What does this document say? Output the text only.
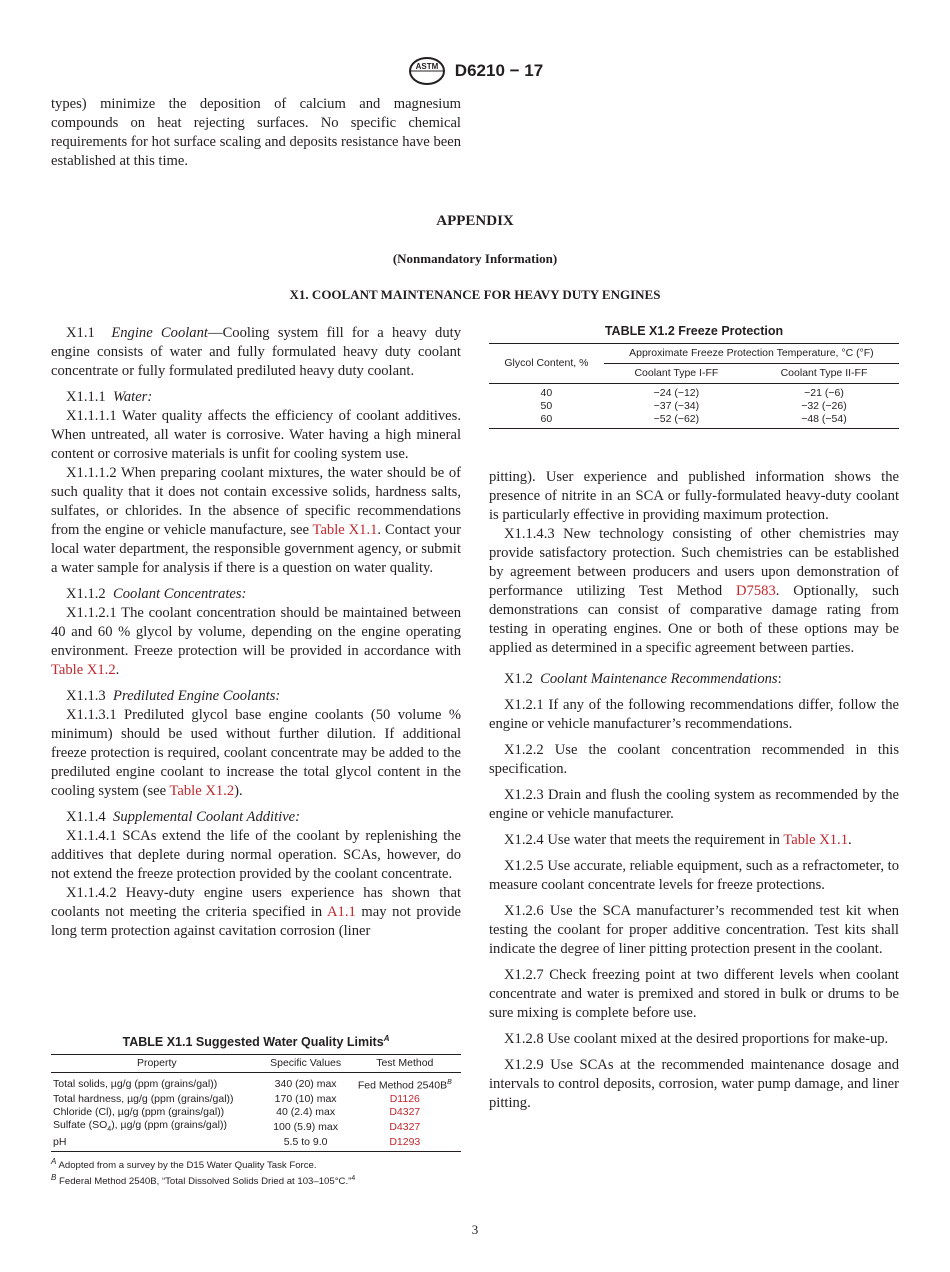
ASTM D6210 − 17
types) minimize the deposition of calcium and magnesium compounds on heat rejecting surfaces. No specific chemical requirements for hot surface scaling and deposits resistance have been established at this time.
APPENDIX
(Nonmandatory Information)
X1. COOLANT MAINTENANCE FOR HEAVY DUTY ENGINES

X1.1 Engine Coolant—Cooling system fill for a heavy duty engine consists of water and fully formulated heavy duty coolant concentrate or fully formulated prediluted heavy duty coolant.

X1.1.1 Water:

X1.1.1.1 Water quality affects the efficiency of coolant additives. When untreated, all water is corrosive. Water having a high mineral content or corrosive materials is unfit for cooling system use.

X1.1.1.2 When preparing coolant mixtures, the water should be of such quality that it does not contain excessive solids, hardness salts, sulfates, or chlorides. In the absence of specific recommendations from the engine or vehicle manufacture, see Table X1.1. Contact your local water department, the responsible government agency, or submit a water sample for analysis if there is a question on water quality.

X1.1.2 Coolant Concentrates:

X1.1.2.1 The coolant concentration should be maintained between 40 and 60 % glycol by volume, depending on the engine operating environment. Freeze protection will be provided in accordance with Table X1.2.

X1.1.3 Prediluted Engine Coolants:

X1.1.3.1 Prediluted glycol base engine coolants (50 volume % minimum) should be used without further dilution. If additional freeze protection is required, coolant concentrate may be added to the prediluted engine coolant to increase the total glycol content in the cooling system (see Table X1.2).

X1.1.4 Supplemental Coolant Additive:

X1.1.4.1 SCAs extend the life of the coolant by replenishing the additives that deplete during normal operation. SCAs, however, do not extend the freeze protection provided by the coolant concentrate.

X1.1.4.2 Heavy-duty engine users experience has shown that coolants not meeting the criteria specified in A1.1 may not provide long term protection against cavitation corrosion (liner

TABLE X1.2 Freeze Protection
Glycol Content, %	Approximate Freeze Protection Temperature, °C (°F)	
	Coolant Type I-FF	Coolant Type II-FF
40	−24 (−12)	−21 (−6)
50	−37 (−34)	−32 (−26)
60	−52 (−62)	−48 (−54)

pitting). User experience and published information shows the presence of nitrite in an SCA or fully-formulated heavy-duty coolant is particularly effective in providing maximum protection.

X1.1.4.3 New technology consisting of other chemistries may provide satisfactory protection. Such chemistries can be established by agreement between producers and users upon demonstration of performance utilizing Test Method D7583. Optionally, such demonstrations can consist of comparative damage rating from testing in operating engines. One or both of these options may be applied as determined in a specific agreement between parties.

X1.2 Coolant Maintenance Recommendations:

X1.2.1 If any of the following recommendations differ, follow the engine or vehicle manufacturer’s recommendations.

X1.2.2 Use the coolant concentration recommended in this specification.

X1.2.3 Drain and flush the cooling system as recommended by the engine or vehicle manufacturer.

X1.2.4 Use water that meets the requirement in Table X1.1.

X1.2.5 Use accurate, reliable equipment, such as a refractometer, to measure coolant concentrate levels for freeze protections.

X1.2.6 Use the SCA manufacturer’s recommended test kit when testing the coolant for proper additive concentration. Test kits shall indicate the degree of liner pitting protection present in the coolant.

X1.2.7 Check freezing point at two different levels when coolant concentrate and water is premixed and stored in bulk or drums to be sure mixing is complete before use.

X1.2.8 Use coolant mixed at the desired proportions for make-up.

X1.2.9 Use SCAs at the recommended maintenance dosage and intervals to control deposits, corrosion, water pump damage, and liner pitting.

TABLE X1.1 Suggested Water Quality Limits$^A$
Property	Specific Values	Test Method
Total solids, µg/g (ppm (grains/gal))	340 (20) max	Fed Method $2540B^B$
Total hardness, µg/g (ppm (grains/gal))	170 (10) max	D1126
Chloride (Cl), µg/g (ppm (grains/gal))	40 (2.4) max	D4327
Sulfate $(SO_4)$, µg/g (ppm (grains/gal))	100 (5.9) max	D4327
pH	5.5 to 9.0	D1293
$^A$ Adopted from a survey by the D15 Water Quality Task Force.
$^B$ Federal Method 2540B, “Total Dissolved Solids Dried at 103–105°C.”$^4$
3
